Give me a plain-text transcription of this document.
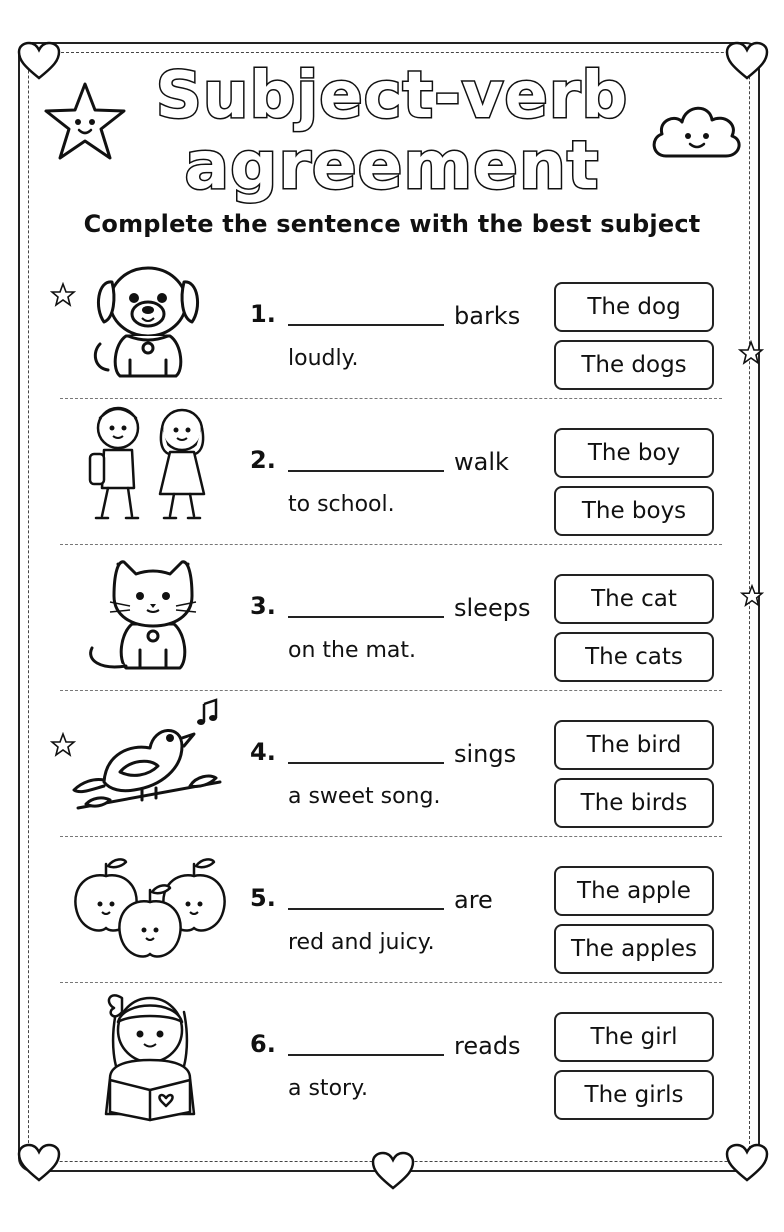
Subject-verb
agreement
Complete the sentence with the best subject
1.	barks
loudly.
The dog
The dogs
2.	walk
to school.
The boy
The boys
3.	sleeps
on the mat.
The cat
The cats
4.	sings
a sweet song.
The bird
The birds
5.	are
red and juicy.
The apple
The apples
6.	reads
a story.
The girl
The girls
